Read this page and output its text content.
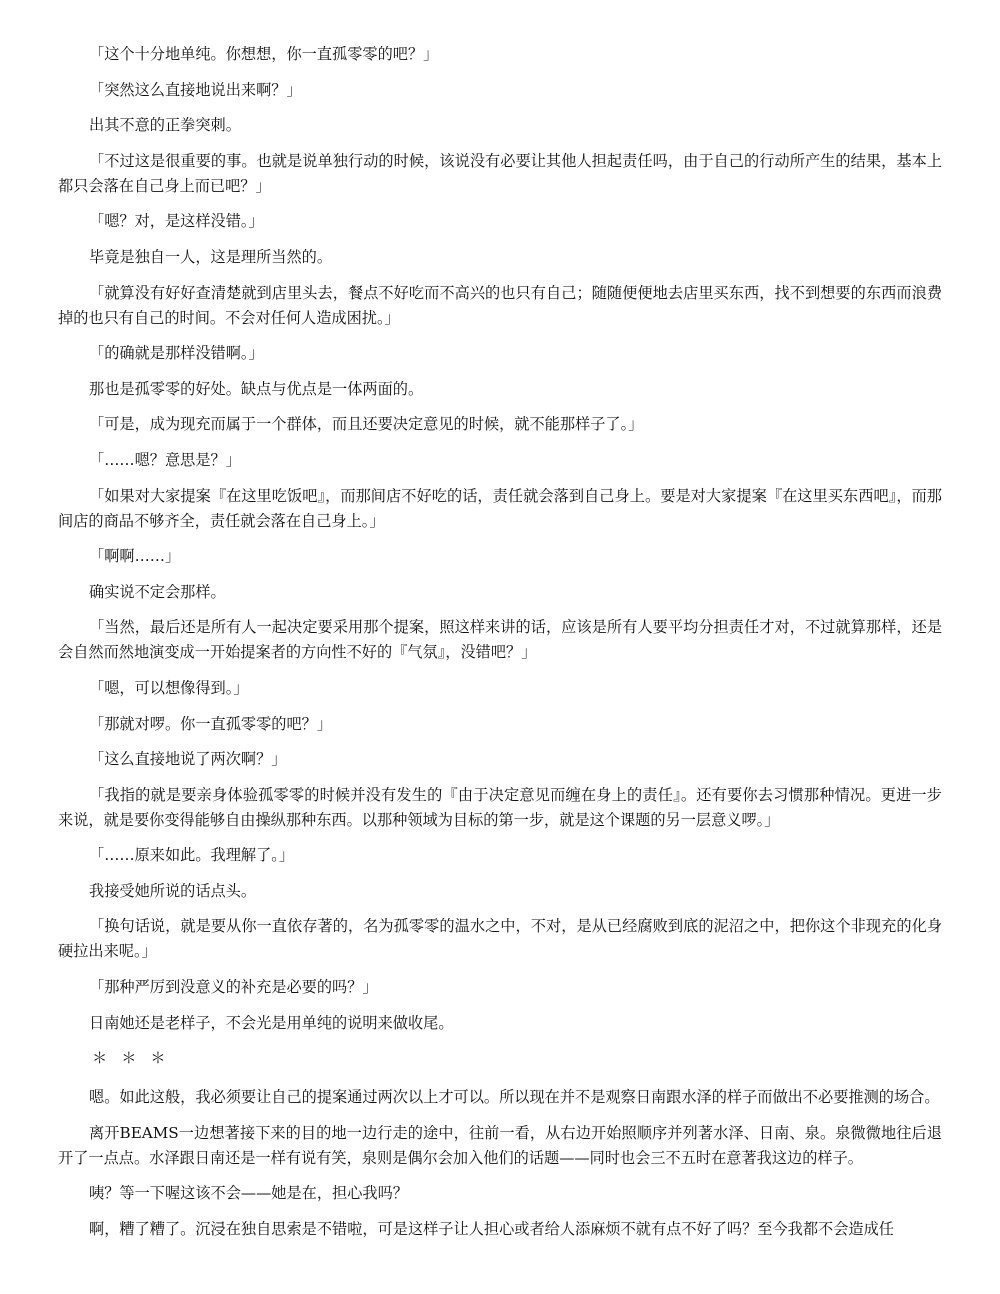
「这个十分地单纯。你想想，你一直孤零零的吧？」

「突然这么直接地说出来啊？」

出其不意的正拳突刺。

「不过这是很重要的事。也就是说单独行动的时候，该说没有必要让其他人担起责任吗，由于自己的行动所产生的结果，基本上都只会落在自己身上而已吧？」

「嗯？对，是这样没错。」

毕竟是独自一人，这是理所当然的。

「就算没有好好查清楚就到店里头去，餐点不好吃而不高兴的也只有自己；随随便便地去店里买东西，找不到想要的东西而浪费掉的也只有自己的时间。不会对任何人造成困扰。」

「的确就是那样没错啊。」

那也是孤零零的好处。缺点与优点是一体两面的。

「可是，成为现充而属于一个群体，而且还要决定意见的时候，就不能那样子了。」

「……嗯？意思是？」

「如果对大家提案『在这里吃饭吧』，而那间店不好吃的话，责任就会落到自己身上。要是对大家提案『在这里买东西吧』，而那间店的商品不够齐全，责任就会落在自己身上。」

「啊啊……」

确实说不定会那样。

「当然，最后还是所有人一起决定要采用那个提案，照这样来讲的话，应该是所有人要平均分担责任才对，不过就算那样，还是会自然而然地演变成一开始提案者的方向性不好的『气氛』，没错吧？」

「嗯，可以想像得到。」

「那就对啰。你一直孤零零的吧？」

「这么直接地说了两次啊？」

「我指的就是要亲身体验孤零零的时候并没有发生的『由于决定意见而缠在身上的责任』。还有要你去习惯那种情况。更进一步来说，就是要你变得能够自由操纵那种东西。以那种领域为目标的第一步，就是这个课题的另一层意义啰。」

「……原来如此。我理解了。」

我接受她所说的话点头。

「换句话说，就是要从你一直依存著的，名为孤零零的温水之中，不对，是从已经腐败到底的泥沼之中，把你这个非现充的化身硬拉出来呢。」

「那种严厉到没意义的补充是必要的吗？」

日南她还是老样子，不会光是用单纯的说明来做收尾。

＊＊＊

嗯。如此这般，我必须要让自己的提案通过两次以上才可以。所以现在并不是观察日南跟水泽的样子而做出不必要推测的场合。

离开BEAMS一边想著接下来的目的地一边行走的途中，往前一看，从右边开始照顺序并列著水泽、日南、泉。泉微微地往后退开了一点点。水泽跟日南还是一样有说有笑，泉则是偶尔会加入他们的话题——同时也会三不五时在意著我这边的样子。

咦？等一下喔这该不会——她是在，担心我吗？

啊，糟了糟了。沉浸在独自思索是不错啦，可是这样子让人担心或者给人添麻烦不就有点不好了吗？至今我都不会造成任
